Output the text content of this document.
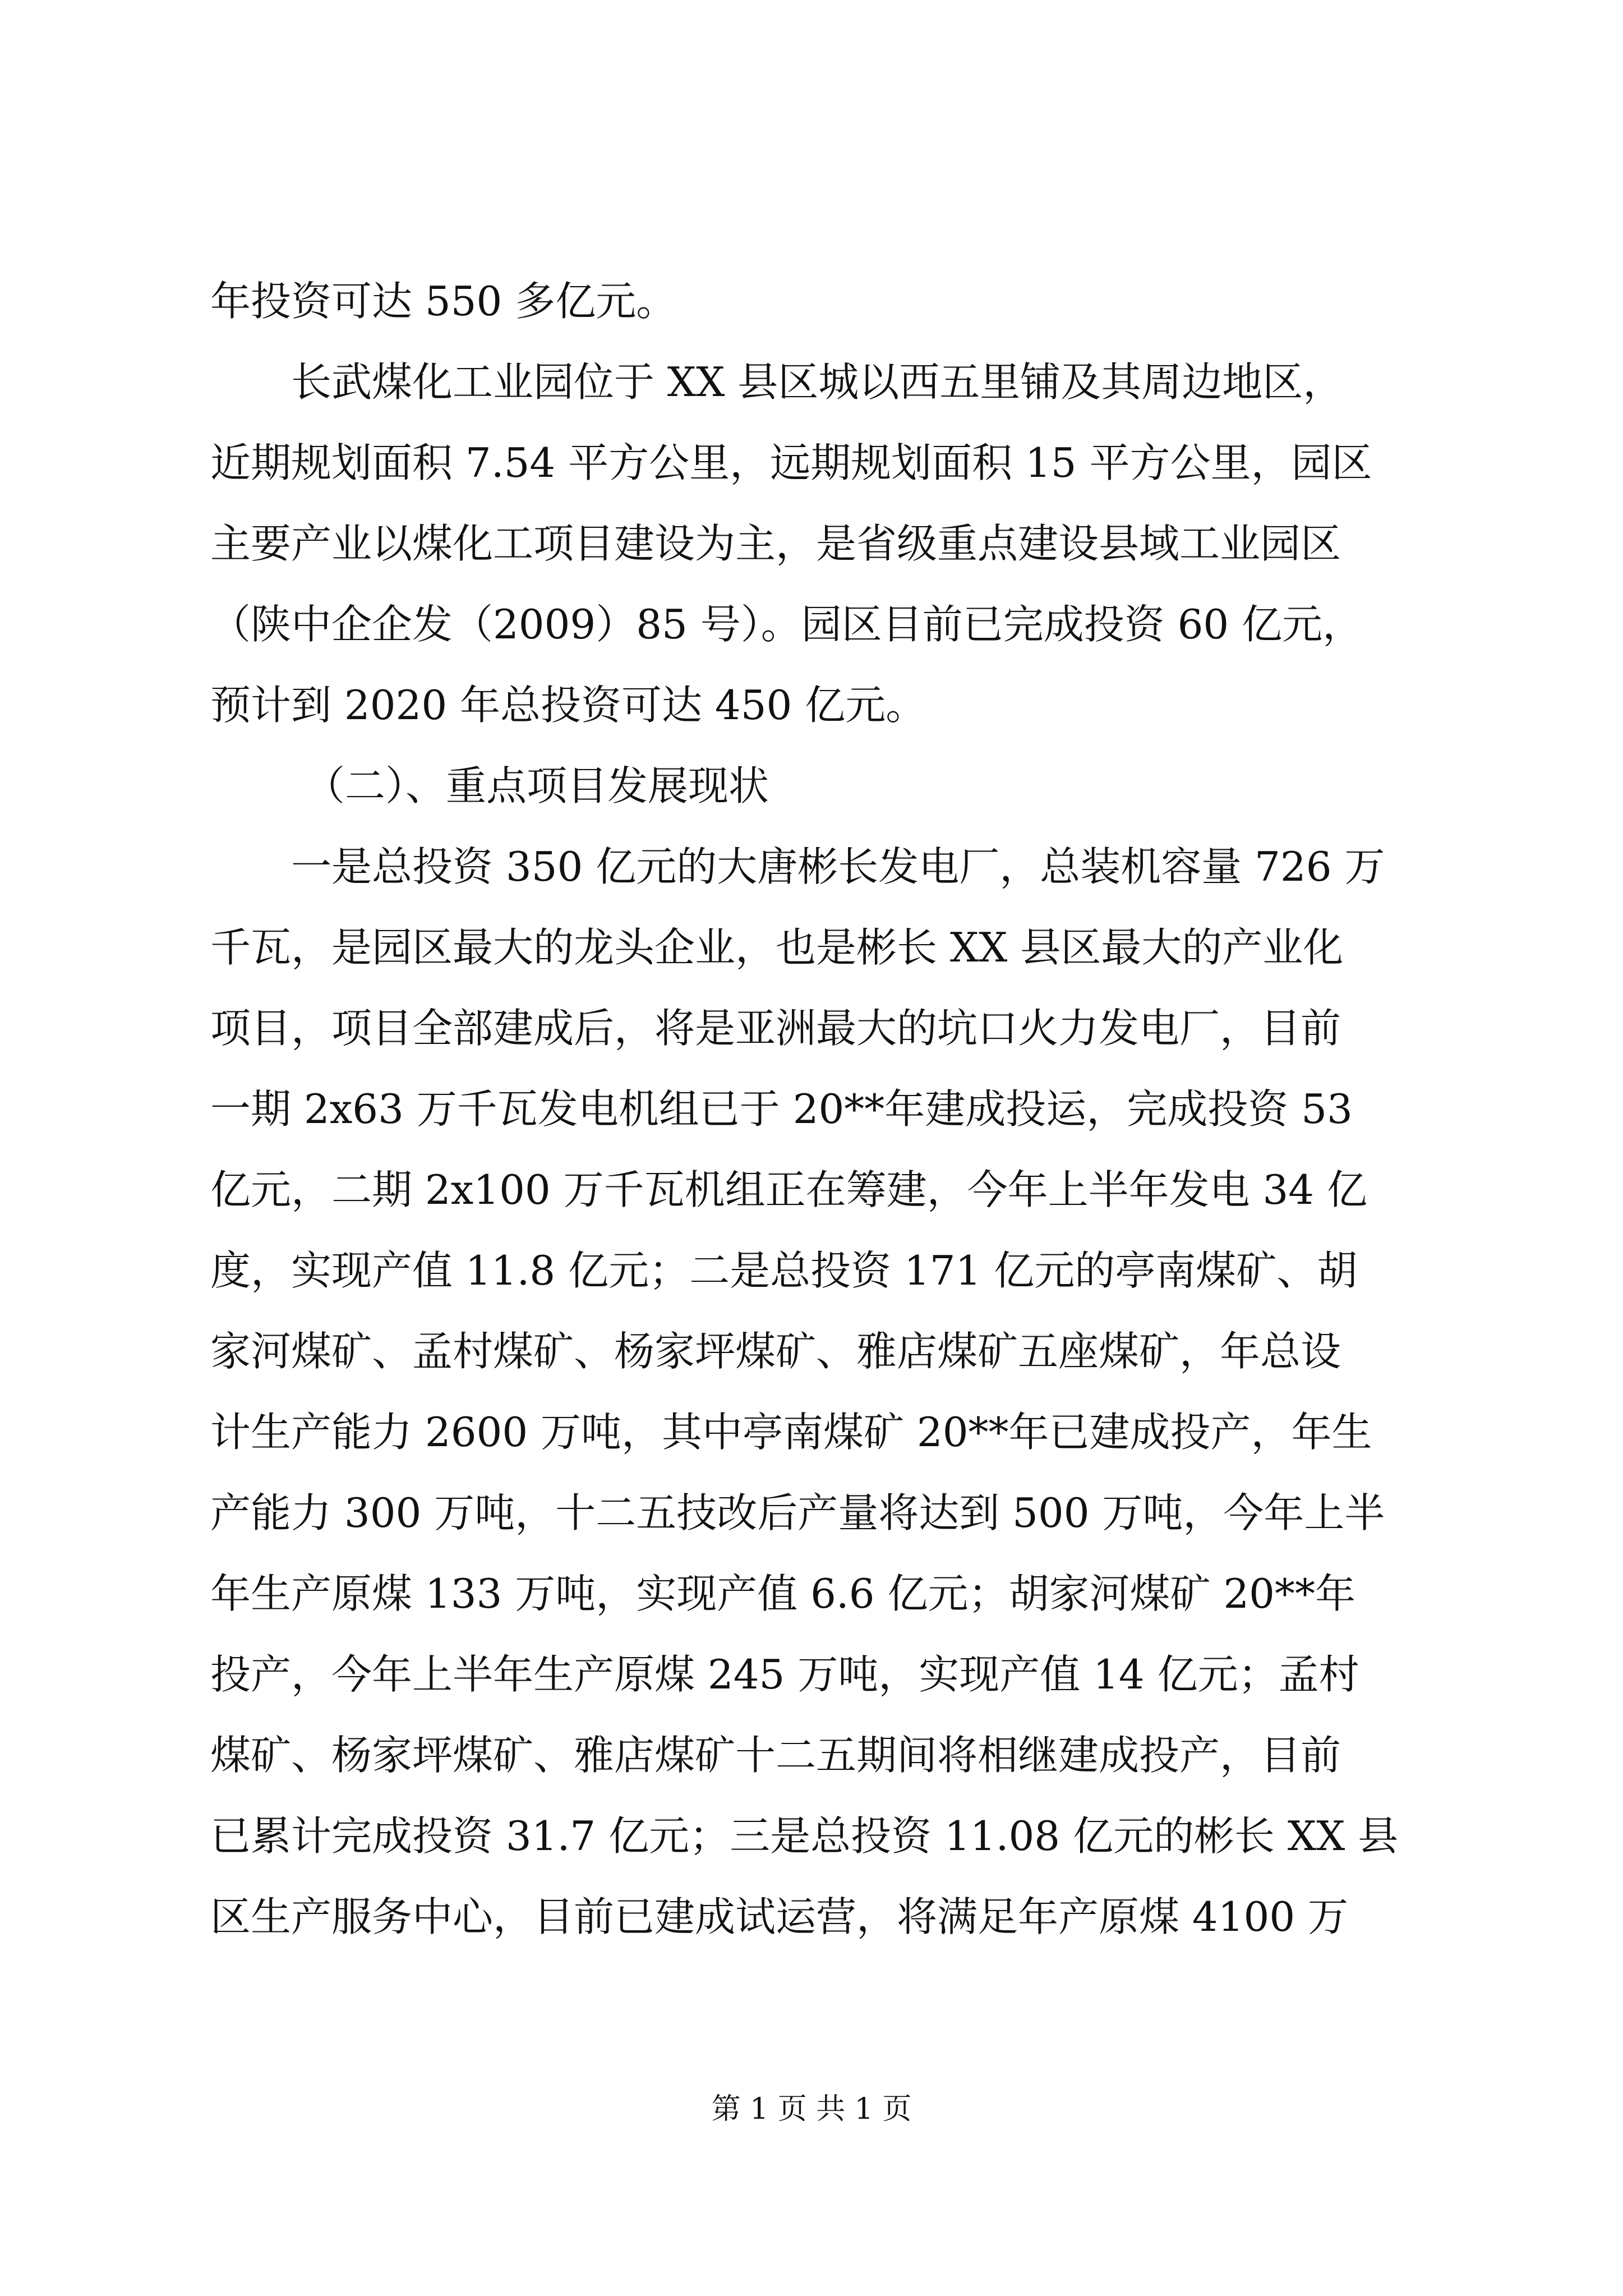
年投资可达 550 多亿元。
长武煤化工业园位于 XX 县区城以西五里铺及其周边地区，
近期规划面积 7.54 平方公里，远期规划面积 15 平方公里，园区
主要产业以煤化工项目建设为主，是省级重点建设县域工业园区
（陕中企企发（2009）85 号）。园区目前已完成投资 60 亿元，
预计到 2020 年总投资可达 450 亿元。
（二）、重点项目发展现状
一是总投资 350 亿元的大唐彬长发电厂，总装机容量 726 万
千瓦，是园区最大的龙头企业，也是彬长 XX 县区最大的产业化
项目，项目全部建成后，将是亚洲最大的坑口火力发电厂，目前
一期 2x63 万千瓦发电机组已于 20**年建成投运，完成投资 53
亿元，二期 2x100 万千瓦机组正在筹建，今年上半年发电 34 亿
度，实现产值 11.8 亿元；二是总投资 171 亿元的亭南煤矿、胡
家河煤矿、孟村煤矿、杨家坪煤矿、雅店煤矿五座煤矿，年总设
计生产能力 2600 万吨，其中亭南煤矿 20**年已建成投产，年生
产能力 300 万吨，十二五技改后产量将达到 500 万吨，今年上半
年生产原煤 133 万吨，实现产值 6.6 亿元；胡家河煤矿 20**年
投产，今年上半年生产原煤 245 万吨，实现产值 14 亿元；孟村
煤矿、杨家坪煤矿、雅店煤矿十二五期间将相继建成投产，目前
已累计完成投资 31.7 亿元；三是总投资 11.08 亿元的彬长 XX 县
区生产服务中心，目前已建成试运营，将满足年产原煤 4100 万
第 1 页 共 1 页
